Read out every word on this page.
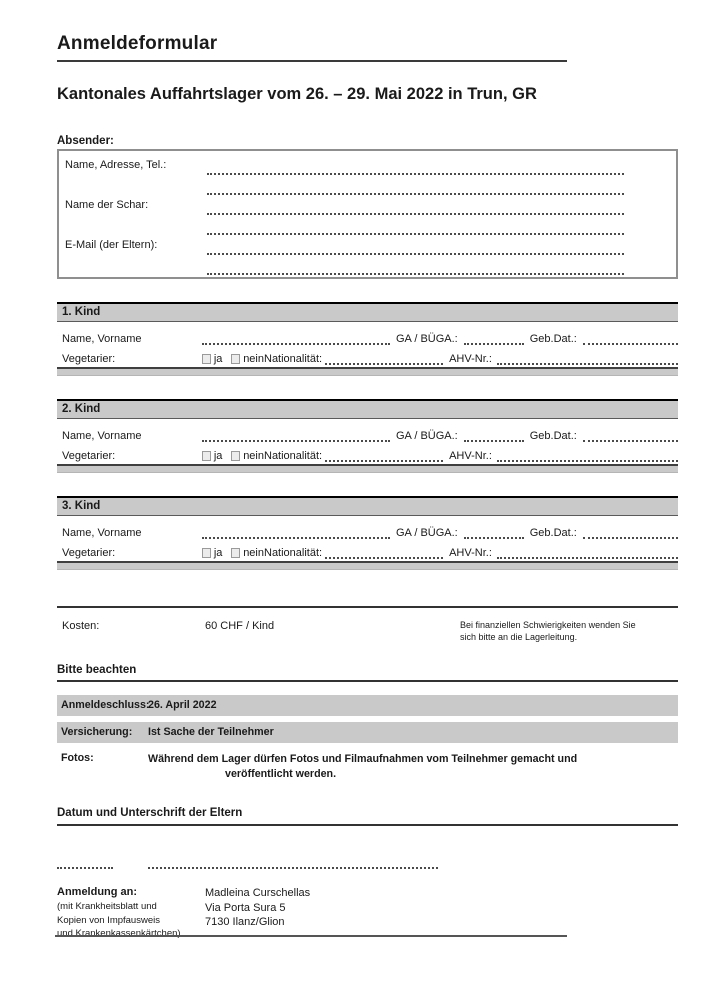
Anmeldeformular
Kantonales Auffahrtslager vom 26. – 29. Mai 2022 in Trun, GR
Absender:
Name, Adresse, Tel.:
Name der Schar:
E-Mail (der Eltern):
1. Kind
Name, Vorname	GA / BÜGA.:	Geb.Dat.:
Vegetarier:	ja nein Nationalität:	AHV-Nr.:
2. Kind
Name, Vorname	GA / BÜGA.:	Geb.Dat.:
Vegetarier:	ja nein Nationalität:	AHV-Nr.:
3. Kind
Name, Vorname	GA / BÜGA.:	Geb.Dat.:
Vegetarier:	ja nein Nationalität:	AHV-Nr.:
Kosten:	60 CHF / Kind	Bei finanziellen Schwierigkeiten wenden Sie
sich bitte an die Lagerleitung.
Bitte beachten
Anmeldeschluss:
26. April 2022
Versicherung:	Ist Sache der Teilnehmer
Fotos:	Während dem Lager dürfen Fotos und Filmaufnahmen vom Teilnehmer gemacht und
veröffentlicht werden.
Datum und Unterschrift der Eltern
Anmeldung an:
(mit Krankheitsblatt und
Kopien von Impfausweis
und Krankenkassenkärtchen)
Madleina Curschellas
Via Porta Sura 5
7130 Ilanz/Glion
